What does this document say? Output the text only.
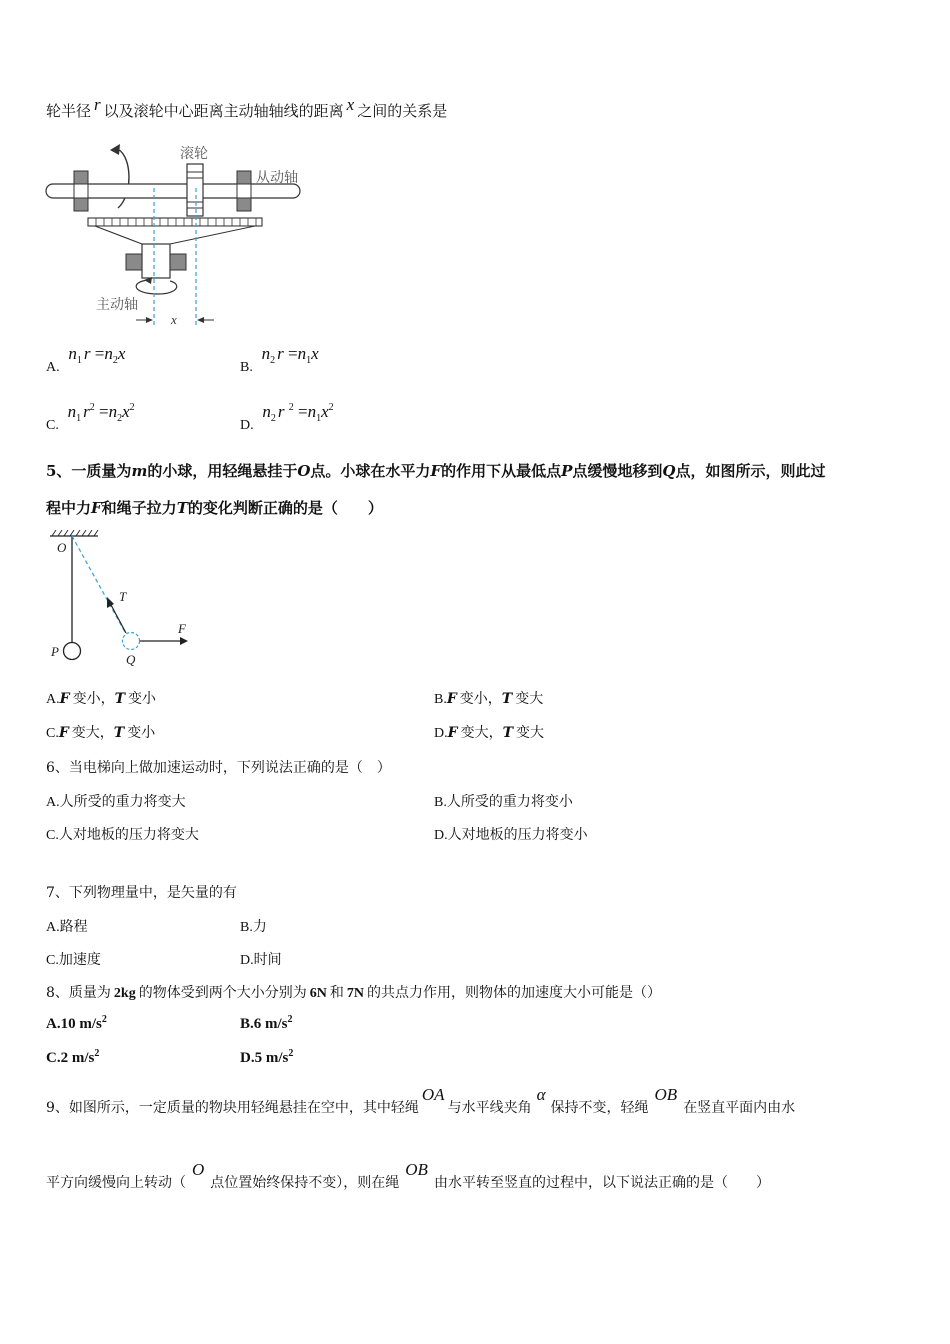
轮半径 r 以及滚轮中心距离主动轴轴线的距离 x 之间的关系是
x
滚轮
从动轴
主动轴
A. $n_1$ $r =n_2x$
B. $n_2$ $r =n_1x$
C. $n_1$ $r^2 =n_2x^2$
D. $n_2$ r $^2 =n_1x^2$
5、一质量为m的小球，用轻绳悬挂于O点。小球在水平力F的作用下从最低点P点缓慢地移到Q点，如图所示，则此过
程中力F和绳子拉力T的变化判断正确的是（　　）
O
T
F
P
Q
A.F 变小，T 变小	B.F 变小，T 变大
C.F 变大，T 变小	D.F 变大，T 变大
6、当电梯向上做加速运动时，下列说法正确的是（　）
A.人所受的重力将变大	B.人所受的重力将变小
C.人对地板的压力将变大	D.人对地板的压力将变小
7、下列物理量中，是矢量的有
A.路程	B.力
C.加速度	D.时间
8、质量为 2kg 的物体受到两个大小分别为 6N 和 7N 的共点力作用，则物体的加速度大小可能是（）
A.10 $m/s^2$	B.6 $m/s^2$
C.2 $m/s^2$	D.5 $m/s^2$
9、如图所示，一定质量的物块用轻绳悬挂在空中，其中轻绳OA与水平线夹角α保持不变，轻绳OB在竖直平面内由水
平方向缓慢向上转动（O点位置始终保持不变），则在绳OB由水平转至竖直的过程中，以下说法正确的是（　　）
